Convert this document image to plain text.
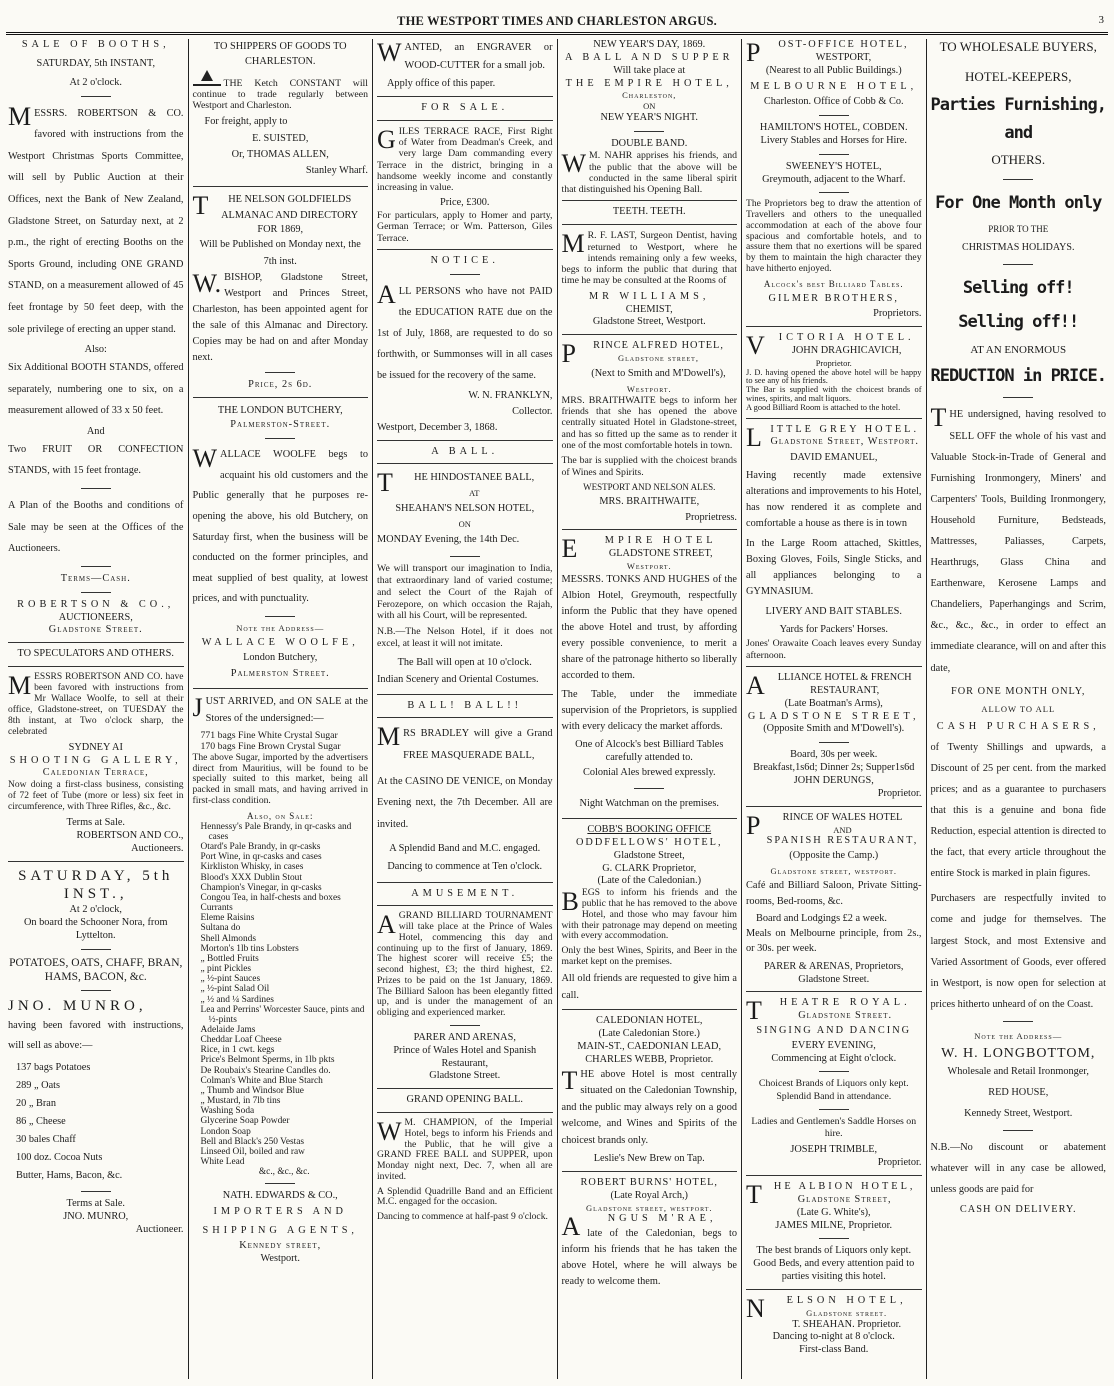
THE WESTPORT TIMES AND CHARLESTON ARGUS.	3
SALE OF BOOTHS,
SATURDAY, 5th INSTANT,
At 2 o'clock.

MESSRS. ROBERTSON & CO. favored with instructions from the Westport Christmas Sports Committee, will sell by Public Auction at their Offices, next the Bank of New Zealand, Gladstone Street, on Saturday next, at 2 p.m., the right of erecting Booths on the Sports Ground, including ONE GRAND STAND, on a measurement allowed of 45 feet frontage by 50 feet deep, with the sole privilege of erecting an upper stand.

Also:

Six Additional BOOTH STANDS, offered separately, numbering one to six, on a measurement allowed of 33 x 50 feet.

And

Two FRUIT OR CONFECTION STANDS, with 15 feet frontage.

A Plan of the Booths and conditions of Sale may be seen at the Offices of the Auctioneers.

Terms—Cash.
ROBERTSON & CO.,
AUCTIONEERS,
Gladstone Street.
TO SPECULATORS AND OTHERS.

MESSRS ROBERTSON AND CO. have been favored with instructions from Mr Wallace Woolfe, to sell at their office, Gladstone-street, on TUESDAY the 8th instant, at Two o'clock sharp, the celebrated

SYDNEY AI
SHOOTING GALLERY,
Caledonian Terrace,

Now doing a first-class business, consisting of 72 feet of Tube (more or less) six feet in circumference, with Three Rifles, &c., &c.

Terms at Sale.
ROBERTSON AND CO.,
Auctioneers.
SATURDAY, 5th INST.,
At 2 o'clock,
On board the Schooner Nora, from Lyttelton.
POTATOES, OATS, CHAFF, BRAN, HAMS, BACON, &c.
JNO. MUNRO,

having been favored with instructions, will sell as above:—

137 bags Potatoes
289 „ Oats
20 „ Bran
86 „ Cheese
30 bales Chaff
100 doz. Cocoa Nuts
Butter, Hams, Bacon, &c.
Terms at Sale.
JNO. MUNRO,
Auctioneer.
TO SHIPPERS OF GOODS TO CHARLESTON.

THE Ketch CONSTANT will continue to trade regularly between Westport and Charleston.

For freight, apply to
E. SUISTED,
Or, THOMAS ALLEN,
Stanley Wharf.
THE NELSON GOLDFIELDS ALMANAC AND DIRECTORY
FOR 1869,
Will be Published on Monday next, the 7th inst.

W.BISHOP, Gladstone Street, Westport and Princes Street, Charleston, has been appointed agent for the sale of this Almanac and Directory. Copies may be had on and after Monday next.

Price, 2s 6d.
THE LONDON BUTCHERY,
Palmerston-Street.

WALLACE WOOLFE begs to acquaint his old customers and the Public generally that he purposes re-opening the above, his old Butchery, on Saturday first, when the business will be conducted on the former principles, and meat supplied of best quality, at lowest prices, and with punctuality.

Note the Address—
WALLACE WOOLFE,
London Butchery,
Palmerston Street.

JUST ARRIVED, and ON SALE at the Stores of the undersigned:—

771 bags Fine White Crystal Sugar
170 bags Fine Brown Crystal Sugar

The above Sugar, imported by the advertisers direct from Mauritius, will be found to be specially suited to this market, being all packed in small mats, and having arrived in first-class condition.

Also, on Sale:
Hennessy's Pale Brandy, in qr-casks and cases
Otard's Pale Brandy, in qr-casks
Port Wine, in qr-casks and cases
Kirkliston Whisky, in cases
Blood's XXX Dublin Stout
Champion's Vinegar, in qr-casks
Congou Tea, in half-chests and boxes
Currants
Eleme Raisins
Sultana do
Shell Almonds
Morton's 1lb tins Lobsters
„ Bottled Fruits
„ pint Pickles
„ ½-pint Sauces
„ ½-pint Salad Oil
„ ½ and ¼ Sardines
Lea and Perrins' Worcester Sauce, pints and ½-pints
Adelaide Jams
Cheddar Loaf Cheese
Rice, in 1 cwt. kegs
Price's Belmont Sperms, in 1lb pkts
De Roubaix's Stearine Candles do.
Colman's White and Blue Starch
„ Thumb and Windsor Blue
„ Mustard, in 7lb tins
Washing Soda
Glycerine Soap Powder
London Soap
Bell and Black's 250 Vestas
Linseed Oil, boiled and raw
White Lead
&c., &c., &c.
NATH. EDWARDS & CO.,
IMPORTERS AND SHIPPING AGENTS,
Kennedy street,
Westport.

WANTED, an ENGRAVER or WOOD-CUTTER for a small job.

Apply office of this paper.
FOR SALE.

GILES TERRACE RACE, First Right of Water from Deadman's Creek, and very large Dam commanding every Terrace in the district, bringing in a handsome weekly income and constantly increasing in value.

Price, £300.

For particulars, apply to Homer and party, German Terrace; or Wm. Patterson, Giles Terrace.

NOTICE.

ALL PERSONS who have not PAID the EDUCATION RATE due on the 1st of July, 1868, are requested to do so forthwith, or Summonses will in all cases be issued for the recovery of the same.

W. N. FRANKLYN,
Collector.
Westport, December 3, 1868.
A BALL.
THE HINDOSTANEE BALL,
AT
SHEAHAN'S NELSON HOTEL,
ON
MONDAY Evening, the 14th Dec.

We will transport our imagination to India, that extraordinary land of varied costume; and select the Court of the Rajah of Ferozepore, on which occasion the Rajah, with all his Court, will be represented.

N.B.—The Nelson Hotel, if it does not excel, at least it will not imitate.

The Ball will open at 10 o'clock.

Indian Scenery and Oriental Costumes.

BALL! BALL!!

MRS BRADLEY will give a Grand FREE MASQUERADE BALL,

At the CASINO DE VENICE, on Monday Evening next, the 7th December. All are invited.

A Splendid Band and M.C. engaged.
Dancing to commence at Ten o'clock.
AMUSEMENT.

AGRAND BILLIARD TOURNAMENT will take place at the Prince of Wales Hotel, commencing this day and continuing up to the first of January, 1869. The highest scorer will receive £5; the second highest, £3; the third highest, £2. Prizes to be paid on the 1st January, 1869. The Billiard Saloon has been elegantly fitted up, and is under the management of an obliging and experienced marker.

PARER AND ARENAS,
Prince of Wales Hotel and Spanish Restaurant,
Gladstone Street.
GRAND OPENING BALL.

WM. CHAMPION, of the Imperial Hotel, begs to inform his Friends and the Public, that he will give a GRAND FREE BALL and SUPPER, upon Monday night next, Dec. 7, when all are invited.

A Splendid Quadrille Band and an Efficient M.C. engaged for the occasion.

Dancing to commence at half-past 9 o'clock.

NEW YEAR'S DAY, 1869.
A BALL AND SUPPER
Will take place at
THE EMPIRE HOTEL,
Charleston,
ON
NEW YEAR'S NIGHT.
DOUBLE BAND.

WM. NAHR apprises his friends, and the public that the above will be conducted in the same liberal spirit that distinguished his Opening Ball.

TEETH. TEETH.

MR. F. LAST, Surgeon Dentist, having returned to Westport, where he intends remaining only a few weeks, begs to inform the public that during that time he may be consulted at the Rooms of

MR WILLIAMS,
CHEMIST,
Gladstone Street, Westport.
PRINCE ALFRED HOTEL,
Gladstone street,
(Next to Smith and M'Dowell's),
Westport.

MRS. BRAITHWAITE begs to inform her friends that she has opened the above centrally situated Hotel in Gladstone-street, and has so fitted up the same as to render it one of the most comfortable hotels in town.

The bar is supplied with the choicest brands of Wines and Spirits.

WESTPORT AND NELSON ALES.
MRS. BRAITHWAITE,
Proprietress.
EMPIRE HOTEL
GLADSTONE STREET,
Westport.

MESSRS. TONKS AND HUGHES of the Albion Hotel, Greymouth, respectfully inform the Public that they have opened the above Hotel and trust, by affording every possible convenience, to merit a share of the patronage hitherto so liberally accorded to them.

The Table, under the immediate supervision of the Proprietors, is supplied with every delicacy the market affords.

One of Alcock's best Billiard Tables carefully attended to.
Colonial Ales brewed expressly.
Night Watchman on the premises.
COBB'S BOOKING OFFICE
ODDFELLOWS' HOTEL,
Gladstone Street,
G. CLARK Proprietor,
(Late of the Caledonian.)

BEGS to inform his friends and the public that he has removed to the above Hotel, and those who may favour him with their patronage may depend on meeting with every accommodation.

Only the best Wines, Spirits, and Beer in the market kept on the premises.

All old friends are requested to give him a call.

CALEDONIAN HOTEL,
(Late Caledonian Store.)
MAIN-ST., CAEDONIAN LEAD,
CHARLES WEBB, Proprietor.

THE above Hotel is most centrally situated on the Caledonian Township, and the public may always rely on a good welcome, and Wines and Spirits of the choicest brands only.

Leslie's New Brew on Tap.
ROBERT BURNS' HOTEL,
(Late Royal Arch,)
Gladstone street, westport.
ANGUS M'RAE,

late of the Caledonian, begs to inform his friends that he has taken the above Hotel, where he will always be ready to welcome them.

POST-OFFICE HOTEL,
WESTPORT,
(Nearest to all Public Buildings.)
MELBOURNE HOTEL,
Charleston. Office of Cobb & Co.
HAMILTON'S HOTEL, COBDEN.
Livery Stables and Horses for Hire.
SWEENEY'S HOTEL,
Greymouth, adjacent to the Wharf.

The Proprietors beg to draw the attention of Travellers and others to the unequalled accommodation at each of the above four spacious and comfortable hotels, and to assure them that no exertions will be spared by them to maintain the high character they have hitherto enjoyed.

Alcock's best Billiard Tables.
GILMER BROTHERS,
Proprietors.
VICTORIA HOTEL.
JOHN DRAGHICAVICH,
Proprietor.

J. D. having opened the above hotel will be happy to see any of his friends.

The Bar is supplied with the choicest brands of wines, spirits, and malt liquors.

A good Billiard Room is attached to the hotel.

LITTLE GREY HOTEL.
Gladstone Street, Westport.
DAVID EMANUEL,

Having recently made extensive alterations and improvements to his Hotel, has now rendered it as complete and comfortable a house as there is in town

In the Large Room attached, Skittles, Boxing Gloves, Foils, Single Sticks, and all appliances belonging to a GYMNASIUM.

LIVERY AND BAIT STABLES.
Yards for Packers' Horses.

Jones' Orawaite Coach leaves every Sunday afternoon.

ALLIANCE HOTEL & FRENCH RESTAURANT,
(Late Boatman's Arms),
GLADSTONE STREET,
(Opposite Smith and M'Dowell's).
Board, 30s per week.
Breakfast,1s6d; Dinner 2s; Supper1s6d
JOHN DERUNGS,
Proprietor.
PRINCE OF WALES HOTEL
AND
SPANISH RESTAURANT,
(Opposite the Camp.)
Gladstone street, westport.

Café and Billiard Saloon, Private Sitting-rooms, Bed-rooms, &c.

Board and Lodgings £2 a week.

Meals on Melbourne principle, from 2s., or 30s. per week.

PARER & ARENAS, Proprietors,
Gladstone Street.
THEATRE ROYAL.
Gladstone Street.
SINGING AND DANCING
EVERY EVENING,
Commencing at Eight o'clock.
Choicest Brands of Liquors only kept.
Splendid Band in attendance.

Ladies and Gentlemen's Saddle Horses on hire.

JOSEPH TRIMBLE,
Proprietor.
THE ALBION HOTEL,
Gladstone Street,
(Late G. White's),
JAMES MILNE, Proprietor.
The best brands of Liquors only kept.

Good Beds, and every attention paid to parties visiting this hotel.

NELSON HOTEL,
Gladstone street.
T. SHEAHAN. Proprietor.
Dancing to-night at 8 o'clock.
First-class Band.
TO WHOLESALE BUYERS,
HOTEL-KEEPERS,
Parties Furnishing, and
OTHERS.
For One Month only
PRIOR TO THE
CHRISTMAS HOLIDAYS.
Selling off! Selling off!!
AT AN ENORMOUS
REDUCTION in PRICE.

THE undersigned, having resolved to SELL OFF the whole of his vast and Valuable Stock-in-Trade of General and Furnishing Ironmongery, Miners' and Carpenters' Tools, Building Ironmongery, Household Furniture, Bedsteads, Mattresses, Paliasses, Carpets, Hearthrugs, Glass China and Earthenware, Kerosene Lamps and Chandeliers, Paperhangings and Scrim, &c., &c., &c., in order to effect an immediate clearance, will on and after this date,

FOR ONE MONTH ONLY,
ALLOW TO ALL
CASH PURCHASERS,

of Twenty Shillings and upwards, a Discount of 25 per cent. from the marked prices; and as a guarantee to purchasers that this is a genuine and bona fide Reduction, especial attention is directed to the fact, that every article throughout the entire Stock is marked in plain figures.

Purchasers are respectfully invited to come and judge for themselves. The largest Stock, and most Extensive and Varied Assortment of Goods, ever offered in Westport, is now open for selection at prices hitherto unheard of on the Coast.

Note the Address—
W. H. LONGBOTTOM,
Wholesale and Retail Ironmonger,
RED HOUSE,
Kennedy Street, Westport.

N.B.—No discount or abatement whatever will in any case be allowed, unless goods are paid for

CASH ON DELIVERY.
